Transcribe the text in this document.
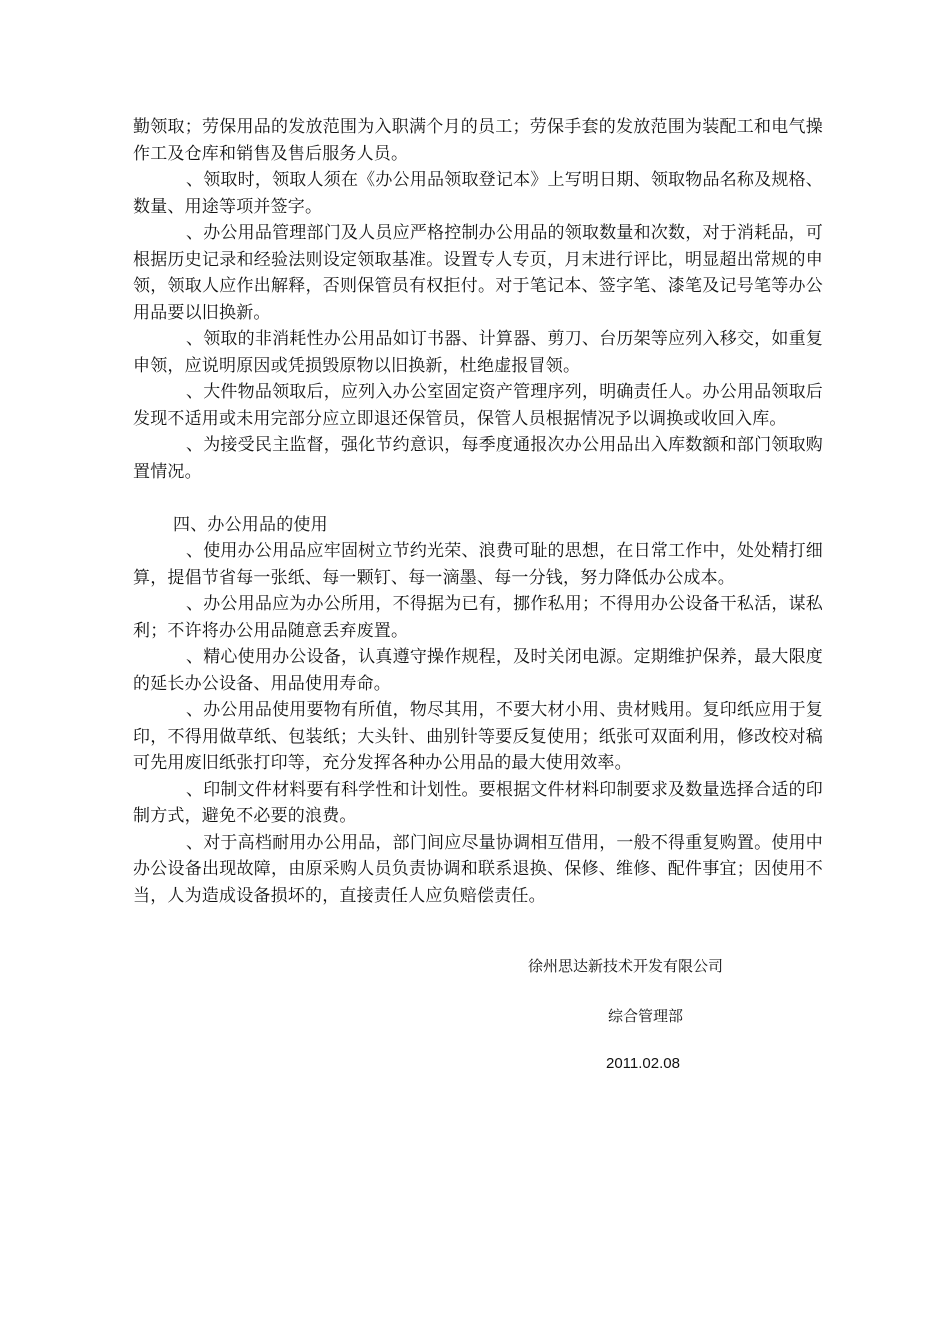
勤领取；劳保用品的发放范围为入职满个月的员工；劳保手套的发放范围为装配工和电气操作工及仓库和销售及售后服务人员。

、领取时，领取人须在《办公用品领取登记本》上写明日期、领取物品名称及规格、数量、用途等项并签字。

、办公用品管理部门及人员应严格控制办公用品的领取数量和次数，对于消耗品，可根据历史记录和经验法则设定领取基准。设置专人专页，月末进行评比，明显超出常规的申领，领取人应作出解释，否则保管员有权拒付。对于笔记本、签字笔、漆笔及记号笔等办公用品要以旧换新。

、领取的非消耗性办公用品如订书器、计算器、剪刀、台历架等应列入移交，如重复申领，应说明原因或凭损毁原物以旧换新，杜绝虚报冒领。

、大件物品领取后，应列入办公室固定资产管理序列，明确责任人。办公用品领取后发现不适用或未用完部分应立即退还保管员，保管人员根据情况予以调换或收回入库。

、为接受民主监督，强化节约意识，每季度通报次办公用品出入库数额和部门领取购置情况。

四、办公用品的使用

、使用办公用品应牢固树立节约光荣、浪费可耻的思想，在日常工作中，处处精打细算，提倡节省每一张纸、每一颗钉、每一滴墨、每一分钱，努力降低办公成本。

、办公用品应为办公所用，不得据为已有，挪作私用；不得用办公设备干私活，谋私利；不许将办公用品随意丢弃废置。

、精心使用办公设备，认真遵守操作规程，及时关闭电源。定期维护保养，最大限度的延长办公设备、用品使用寿命。

、办公用品使用要物有所值，物尽其用，不要大材小用、贵材贱用。复印纸应用于复印，不得用做草纸、包装纸；大头针、曲别针等要反复使用；纸张可双面利用，修改校对稿可先用废旧纸张打印等，充分发挥各种办公用品的最大使用效率。

、印制文件材料要有科学性和计划性。要根据文件材料印制要求及数量选择合适的印制方式，避免不必要的浪费。

、对于高档耐用办公用品，部门间应尽量协调相互借用，一般不得重复购置。使用中办公设备出现故障，由原采购人员负责协调和联系退换、保修、维修、配件事宜；因使用不当，人为造成设备损坏的，直接责任人应负赔偿责任。

徐州思达新技术开发有限公司
综合管理部
2011.02.08
